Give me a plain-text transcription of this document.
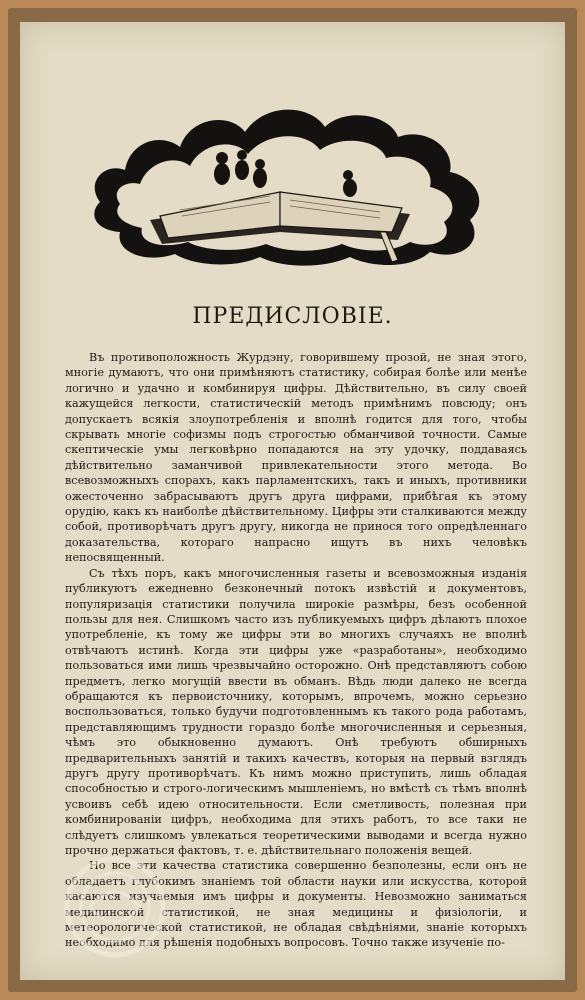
ПРЕДИСЛОВІЕ.

Въ противоположность Журдэну, говорившему прозой, не зная этого, многіе думаютъ, что они примѣняютъ статистику, собирая болѣе или менѣе логично и удачно и комбинируя цифры. Дѣйствительно, въ силу своей кажущейся легкости, статистическій методъ примѣнимъ повсюду; онъ допускаетъ всякія злоупотребленія и вполнѣ годится для того, чтобы скрывать многіе софизмы подъ строгостью обманчивой точности. Самые скептическіе умы легковѣрно попадаются на эту удочку, поддаваясь дѣйствительно заманчивой привлекательности этого метода. Во всевозможныхъ спорахъ, какъ парламентскихъ, такъ и иныхъ, противники ожесточенно забрасываютъ другъ друга цифрами, прибѣгая къ этому орудію, какъ къ наиболѣе дѣйствительному. Цифры эти сталкиваются между собой, противорѣчатъ другъ другу, никогда не принося того опредѣленнаго доказательства, котораго напрасно ищутъ въ нихъ человѣкъ непосвященный.

Съ тѣхъ поръ, какъ многочисленныя газеты и всевозможныя изданія публикуютъ ежедневно безконечный потокъ извѣстій и документовъ, популяризація статистики получила широкіе размѣры, безъ особенной пользы для нея. Слишкомъ часто изъ публикуемыхъ цифръ дѣлаютъ плохое употребленіе, къ тому же цифры эти во многихъ случаяхъ не вполнѣ отвѣчаютъ истинѣ. Когда эти цифры уже «разработаны», необходимо пользоваться ими лишь чрезвычайно осторожно. Онѣ представляютъ собою предметъ, легко могущій ввести въ обманъ. Вѣдь люди далеко не всегда обращаются къ первоисточнику, которымъ, впрочемъ, можно серьезно воспользоваться, только будучи подготовленнымъ къ такого рода работамъ, представляющимъ трудности гораздо болѣе многочисленныя и серьезныя, чѣмъ это обыкновенно думаютъ. Онѣ требуютъ обширныхъ предварительныхъ занятій и такихъ качествъ, которыя на первый взглядъ другъ другу противорѣчатъ. Къ нимъ можно приступить, лишь обладая способностью и строго-логическимъ мышленіемъ, но вмѣстѣ съ тѣмъ вполнѣ усвоивъ себѣ идею относительности. Если сметливость, полезная при комбинированіи цифръ, необходима для этихъ работъ, то все таки не слѣдуетъ слишкомъ увлекаться теоретическими выводами и всегда нужно прочно держаться фактовъ, т. е. дѣйствительнаго положенія вещей.

Но все эти качества статистика совершенно безполезны, если онъ не обладаетъ глубокимъ знаніемъ той области науки или искусства, которой касаются изучаемыя имъ цифры и документы. Невозможно заниматься медицинской статистикой, не зная медицины и физіологіи, и метеорологической статистикой, не обладая свѣдѣніями, знаніе которыхъ необходимо для рѣшенія подобныхъ вопросовъ. Точно также изученіе по-
